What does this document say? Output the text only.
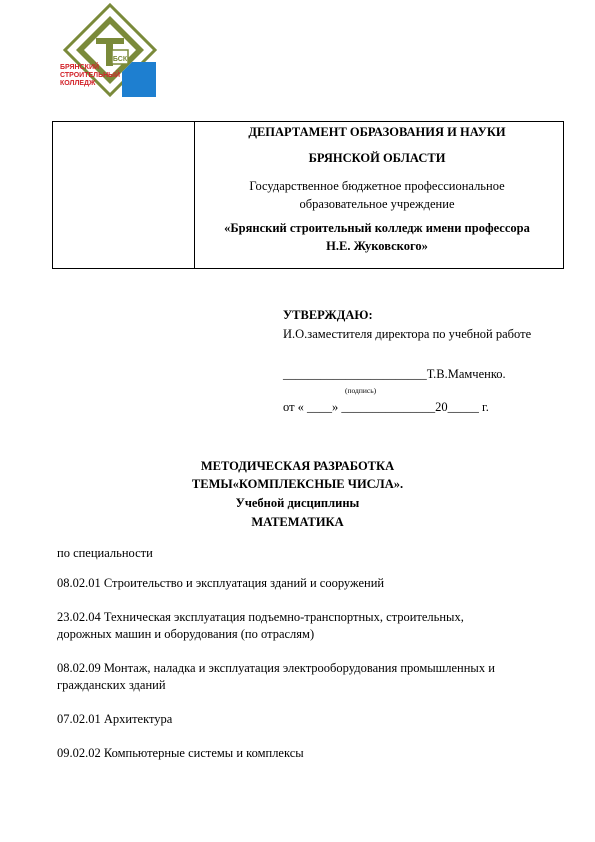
БСК
БРЯНСКИЙ
СТРОИТЕЛЬНЫЙ
КОЛЛЕДЖ
ДЕПАРТАМЕНТ ОБРАЗОВАНИЯ И НАУКИ
БРЯНСКОЙ ОБЛАСТИ
Государственное бюджетное профессиональное
образовательное учреждение
«Брянский строительный колледж имени профессора
Н.Е. Жуковского»
УТВЕРЖДАЮ:
И.О.заместителя директора по учебной работе
_______________________Т.В.Мамченко.
(подпись)
от « ____» _______________20_____ г.
МЕТОДИЧЕСКАЯ РАЗРАБОТКА
ТЕМЫ«КОМПЛЕКСНЫЕ ЧИСЛА».
Учебной дисциплины
МАТЕМАТИКА
по специальности
08.02.01 Строительство и эксплуатация зданий и сооружений
23.02.04 Техническая эксплуатация подъемно-транспортных, строительных,
дорожных машин и оборудования (по отраслям)
08.02.09 Монтаж, наладка и эксплуатация электрооборудования промышленных и
гражданских зданий
07.02.01 Архитектура
09.02.02 Компьютерные системы и комплексы
